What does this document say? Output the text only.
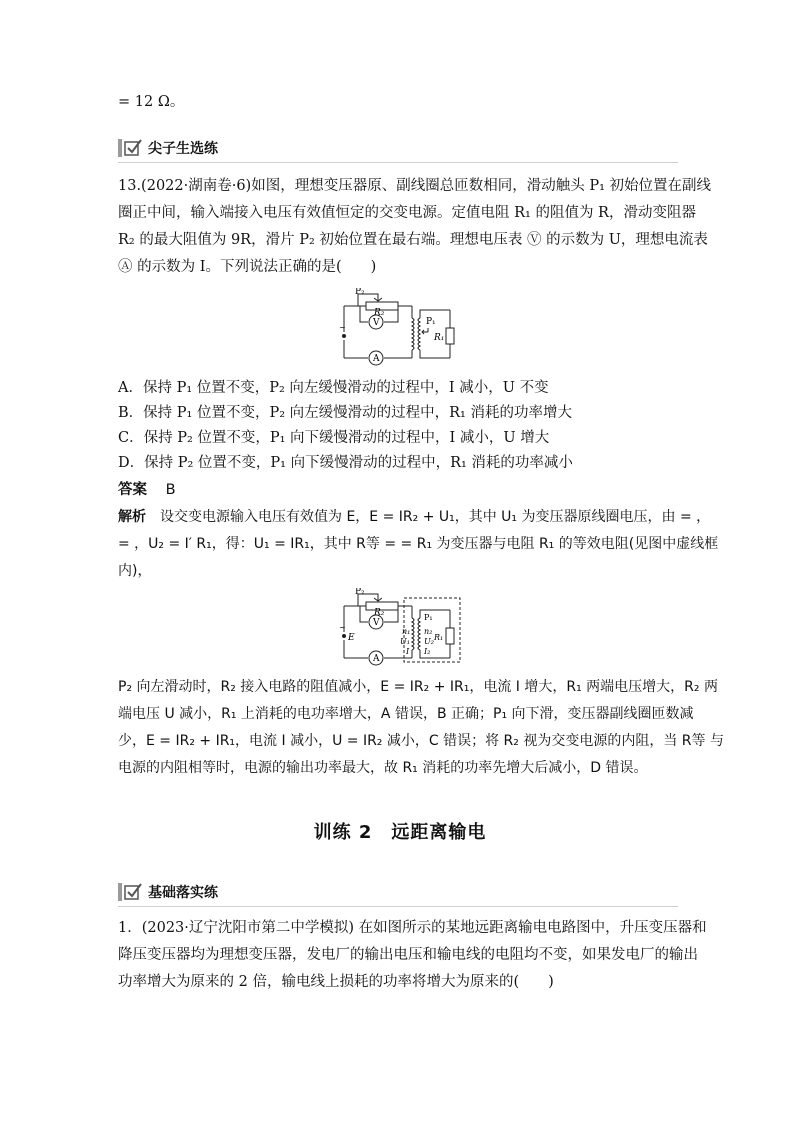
= 12 Ω。
尖子生选练
13.(2022·湖南卷·6)如图，理想变压器原、副线圈总匝数相同，滑动触头 P₁ 初始位置在副线
圈正中间，输入端接入电压有效值恒定的交变电源。定值电阻 R₁ 的阻值为 R，滑动变阻器
R₂ 的最大阻值为 9R，滑片 P₂ 初始位置在最右端。理想电压表 Ⓥ 的示数为 U，理想电流表
Ⓐ 的示数为 I。下列说法正确的是(　　)
P₂
R₂
V
A
P₁
R₁
~
A．保持 P₁ 位置不变，P₂ 向左缓慢滑动的过程中，I 减小，U 不变
B．保持 P₁ 位置不变，P₂ 向左缓慢滑动的过程中，R₁ 消耗的功率增大
C．保持 P₂ 位置不变，P₁ 向下缓慢滑动的过程中，I 减小，U 增大
D．保持 P₂ 位置不变，P₁ 向下缓慢滑动的过程中，R₁ 消耗的功率减小
答案 B
解析 设交变电源输入电压有效值为 E，E = IR₂ + U₁，其中 U₁ 为变压器原线圈电压，由 = ，
= ，U₂ = I′ R₁，得：U₁ = IR₁，其中 R等 = = R₁ 为变压器与电阻 R₁ 的等效电阻(见图中虚线框
内)，
P₂
R₂
V
A
E
P₁
n₁ n₂
U₁ U₂
I I₂
R₁
~
P₂ 向左滑动时，R₂ 接入电路的阻值减小，E = IR₂ + IR₁，电流 I 增大，R₁ 两端电压增大，R₂ 两
端电压 U 减小，R₁ 上消耗的电功率增大，A 错误，B 正确；P₁ 向下滑，变压器副线圈匝数减
少，E = IR₂ + IR₁，电流 I 减小，U = IR₂ 减小，C 错误；将 R₂ 视为交变电源的内阻，当 R等 与
电源的内阻相等时，电源的输出功率最大，故 R₁ 消耗的功率先增大后减小，D 错误。
训练 2　远距离输电
基础落实练
1．(2023·辽宁沈阳市第二中学模拟) 在如图所示的某地远距离输电电路图中，升压变压器和
降压变压器均为理想变压器，发电厂的输出电压和输电线的电阻均不变，如果发电厂的输出
功率增大为原来的 2 倍，输电线上损耗的功率将增大为原来的(　　)
